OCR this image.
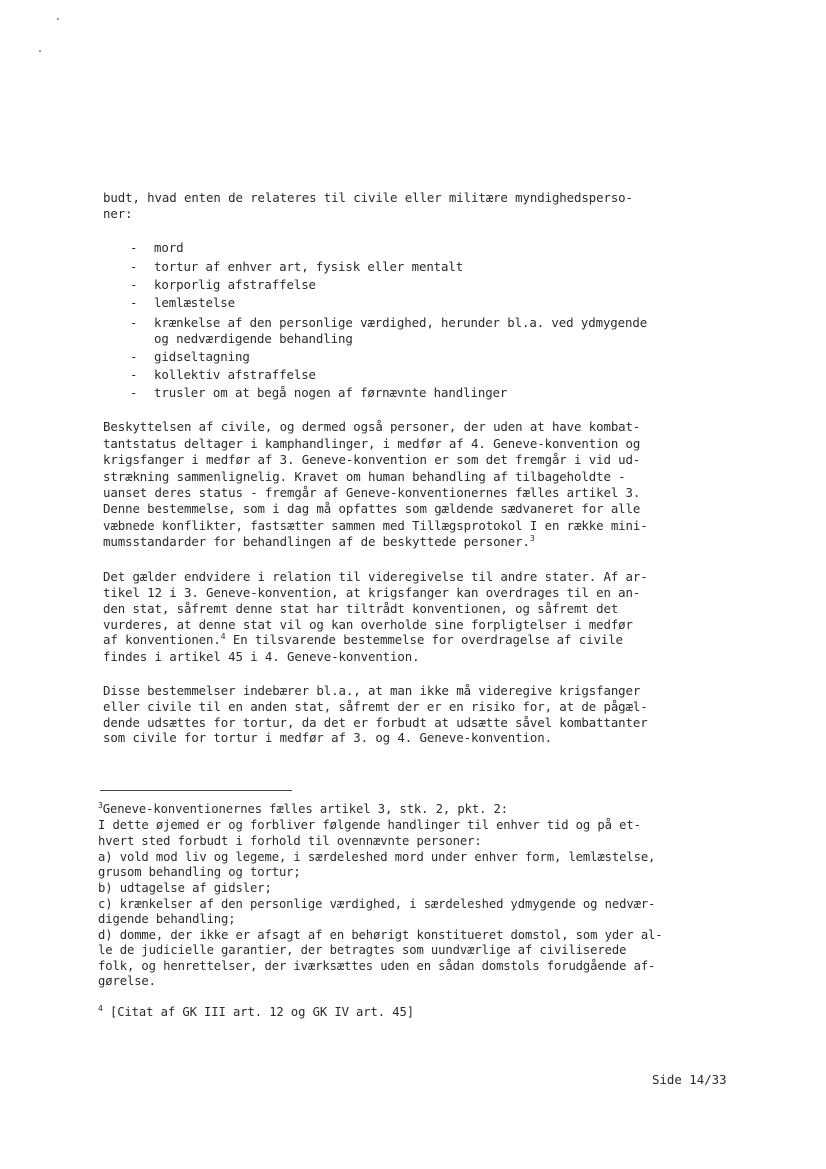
budt, hvad enten de relateres til civile eller militære myndighedsperso-
ner:
- mord
- tortur af enhver art, fysisk eller mentalt
- korporlig afstraffelse
- lemlæstelse
- krænkelse af den personlige værdighed, herunder bl.a. ved ydmygende
og nedværdigende behandling
- gidseltagning
- kollektiv afstraffelse
- trusler om at begå nogen af førnævnte handlinger
Beskyttelsen af civile, og dermed også personer, der uden at have kombat-
tantstatus deltager i kamphandlinger, i medfør af 4. Geneve-konvention og
krigsfanger i medfør af 3. Geneve-konvention er som det fremgår i vid ud-
strækning sammenlignelig. Kravet om human behandling af tilbageholdte -
uanset deres status - fremgår af Geneve-konventionernes fælles artikel 3.
Denne bestemmelse, som i dag må opfattes som gældende sædvaneret for alle
væbnede konflikter, fastsætter sammen med Tillægsprotokol I en række mini-
mumsstandarder for behandlingen af de beskyttede personer.$^3$
Det gælder endvidere i relation til videregivelse til andre stater. Af ar-
tikel 12 i 3. Geneve-konvention, at krigsfanger kan overdrages til en an-
den stat, såfremt denne stat har tiltrådt konventionen, og såfremt det
vurderes, at denne stat vil og kan overholde sine forpligtelser i medfør
af konventionen.$^4$ En tilsvarende bestemmelse for overdragelse af civile
findes i artikel 45 i 4. Geneve-konvention.
Disse bestemmelser indebærer bl.a., at man ikke må videregive krigsfanger
eller civile til en anden stat, såfremt der er en risiko for, at de pågæl-
dende udsættes for tortur, da det er forbudt at udsætte såvel kombattanter
som civile for tortur i medfør af 3. og 4. Geneve-konvention.
$^3$Geneve-konventionernes fælles artikel 3, stk. 2, pkt. 2:
I dette øjemed er og forbliver følgende handlinger til enhver tid og på et-
hvert sted forbudt i forhold til ovennævnte personer:
a) vold mod liv og legeme, i særdeleshed mord under enhver form, lemlæstelse,
grusom behandling og tortur;
b) udtagelse af gidsler;
c) krænkelser af den personlige værdighed, i særdeleshed ydmygende og nedvær-
digende behandling;
d) domme, der ikke er afsagt af en behørigt konstitueret domstol, som yder al-
le de judicielle garantier, der betragtes som uundværlige af civiliserede
folk, og henrettelser, der iværksættes uden en sådan domstols forudgående af-
gørelse.
$^4$ [Citat af GK III art. 12 og GK IV art. 45]
Side 14/33
